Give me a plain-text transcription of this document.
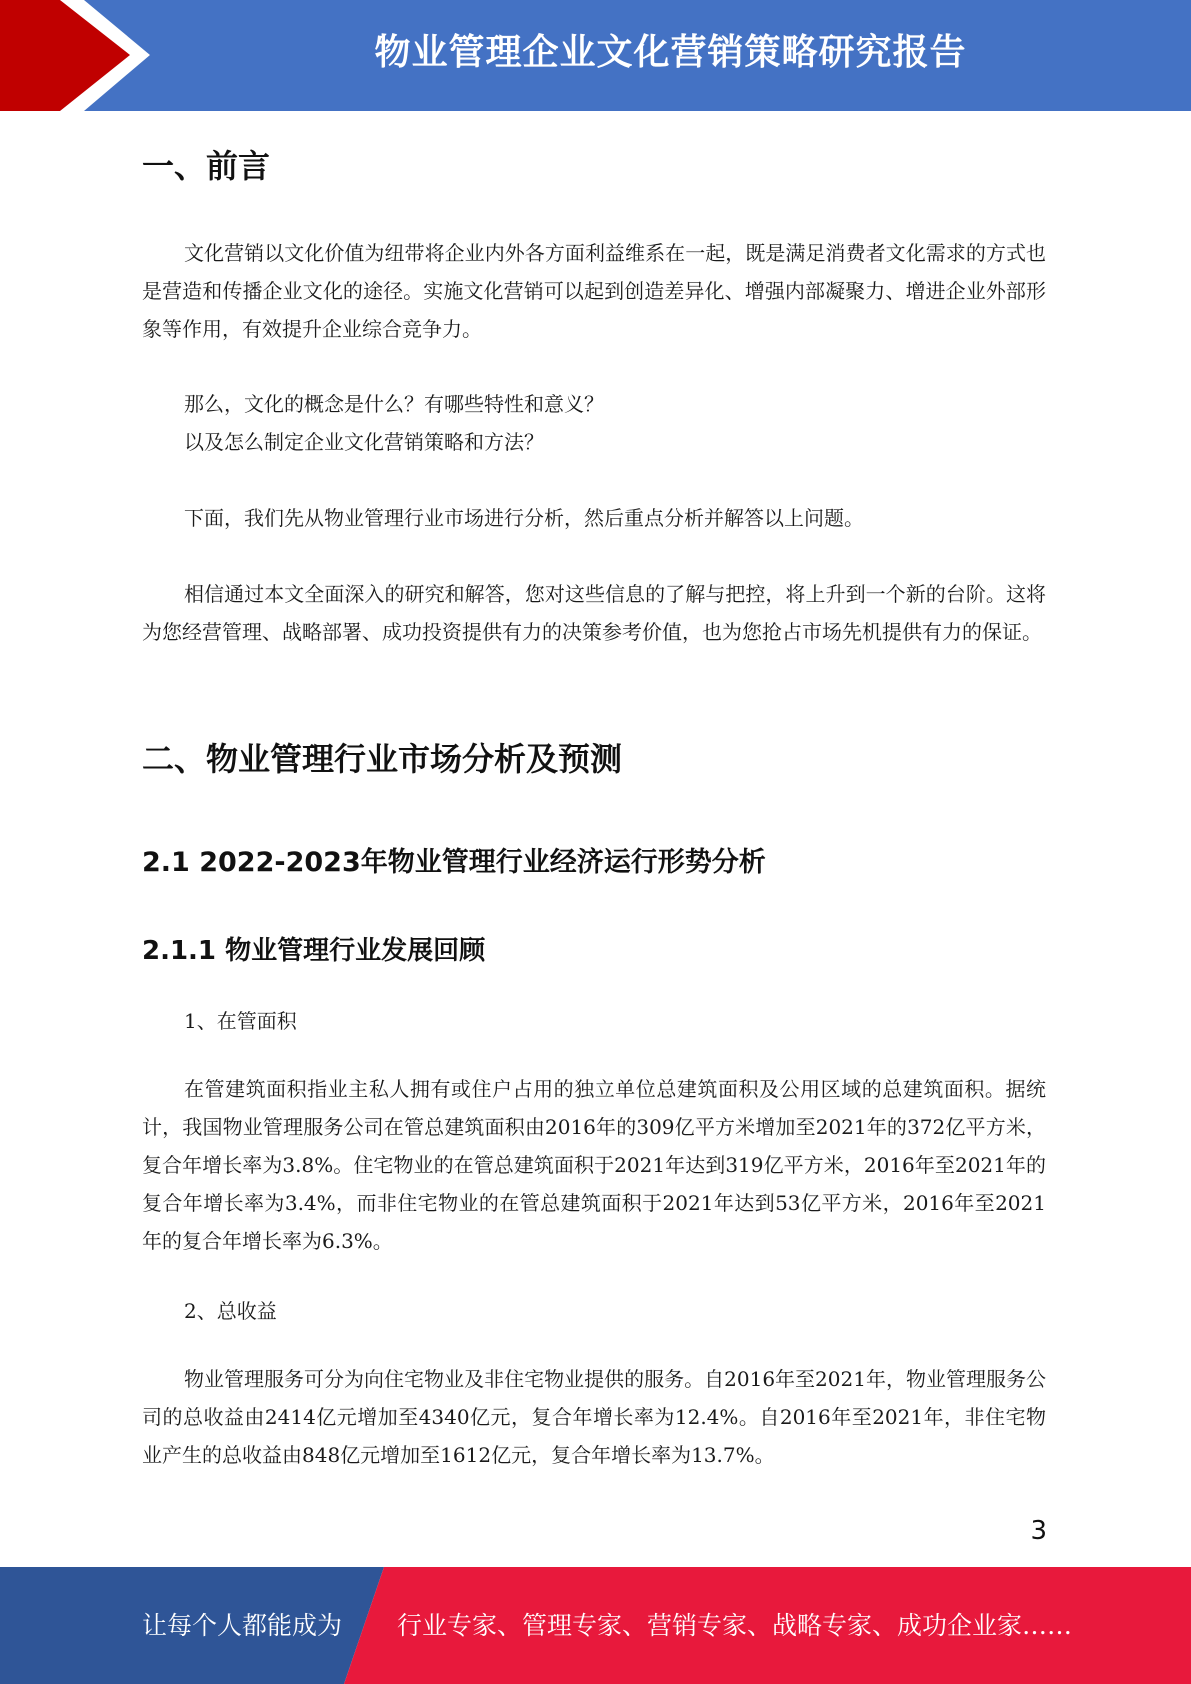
物业管理企业文化营销策略研究报告
一、前言

文化营销以文化价值为纽带将企业内外各方面利益维系在一起，既是满足消费者文化需求的方式也是营造和传播企业文化的途径。实施文化营销可以起到创造差异化、增强内部凝聚力、增进企业外部形象等作用，有效提升企业综合竞争力。

那么，文化的概念是什么？有哪些特性和意义？

以及怎么制定企业文化营销策略和方法？

下面，我们先从物业管理行业市场进行分析，然后重点分析并解答以上问题。

相信通过本文全面深入的研究和解答，您对这些信息的了解与把控，将上升到一个新的台阶。这将为您经营管理、战略部署、成功投资提供有力的决策参考价值，也为您抢占市场先机提供有力的保证。

二、物业管理行业市场分析及预测
2.1 2022-2023年物业管理行业经济运行形势分析
2.1.1 物业管理行业发展回顾

1、在管面积

在管建筑面积指业主私人拥有或住户占用的独立单位总建筑面积及公用区域的总建筑面积。据统计，我国物业管理服务公司在管总建筑面积由2016年的309亿平方米增加至2021年的372亿平方米，复合年增长率为3.8%。住宅物业的在管总建筑面积于2021年达到319亿平方米，2016年至2021年的复合年增长率为3.4%，而非住宅物业的在管总建筑面积于2021年达到53亿平方米，2016年至2021年的复合年增长率为6.3%。

2、总收益

物业管理服务可分为向住宅物业及非住宅物业提供的服务。自2016年至2021年，物业管理服务公司的总收益由2414亿元增加至4340亿元，复合年增长率为12.4%。自2016年至2021年，非住宅物业产生的总收益由848亿元增加至1612亿元，复合年增长率为13.7%。

3
让每个人都能成为 行业专家、管理专家、营销专家、战略专家、成功企业家……
